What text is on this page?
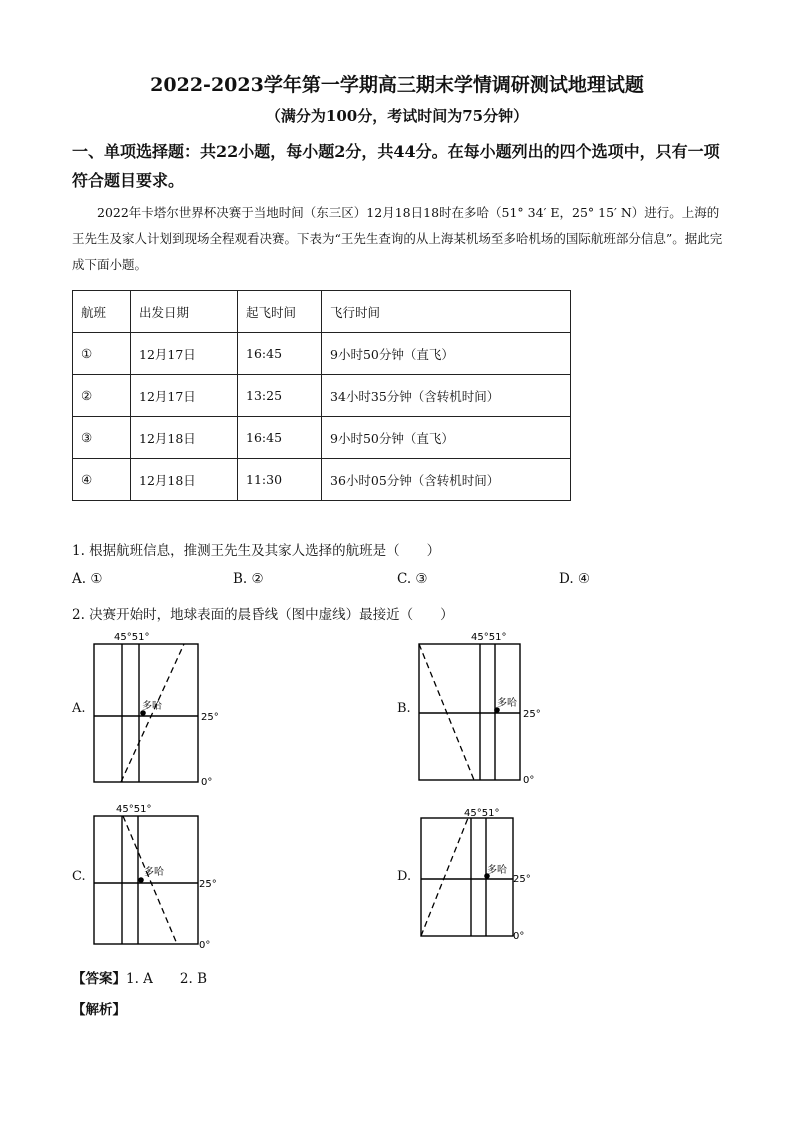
2022-2023学年第一学期高三期末学情调研测试地理试题
（满分为100分，考试时间为75分钟）
一、单项选择题：共22小题，每小题2分，共44分。在每小题列出的四个选项中，只有一项符合题目要求。
2022年卡塔尔世界杯决赛于当地时间（东三区）12月18日18时在多哈（51° 34′ E，25° 15′ N）进行。上海的王先生及家人计划到现场全程观看决赛。下表为“王先生查询的从上海某机场至多哈机场的国际航班部分信息”。据此完成下面小题。
航班	出发日期	起飞时间	飞行时间
①	12月17日	16:45	9小时50分钟（直飞）
②	12月17日	13:25	34小时35分钟（含转机时间）
③	12月18日	16:45	9小时50分钟（直飞）
④	12月18日	11:30	36小时05分钟（含转机时间）
1. 根据航班信息，推测王先生及其家人选择的航班是（　　）
A. ①	B. ②	C. ③	D. ④
2. 决赛开始时，地球表面的晨昏线（图中虚线）最接近（　　）
A.
45°51°
多哈
25°
0°
B.
45°51°
多哈
25°
0°
C.
45°51°
多哈
25°
0°
D.
45°51°
多哈
25°
0°
【答案】1. A　　2. B
【解析】
